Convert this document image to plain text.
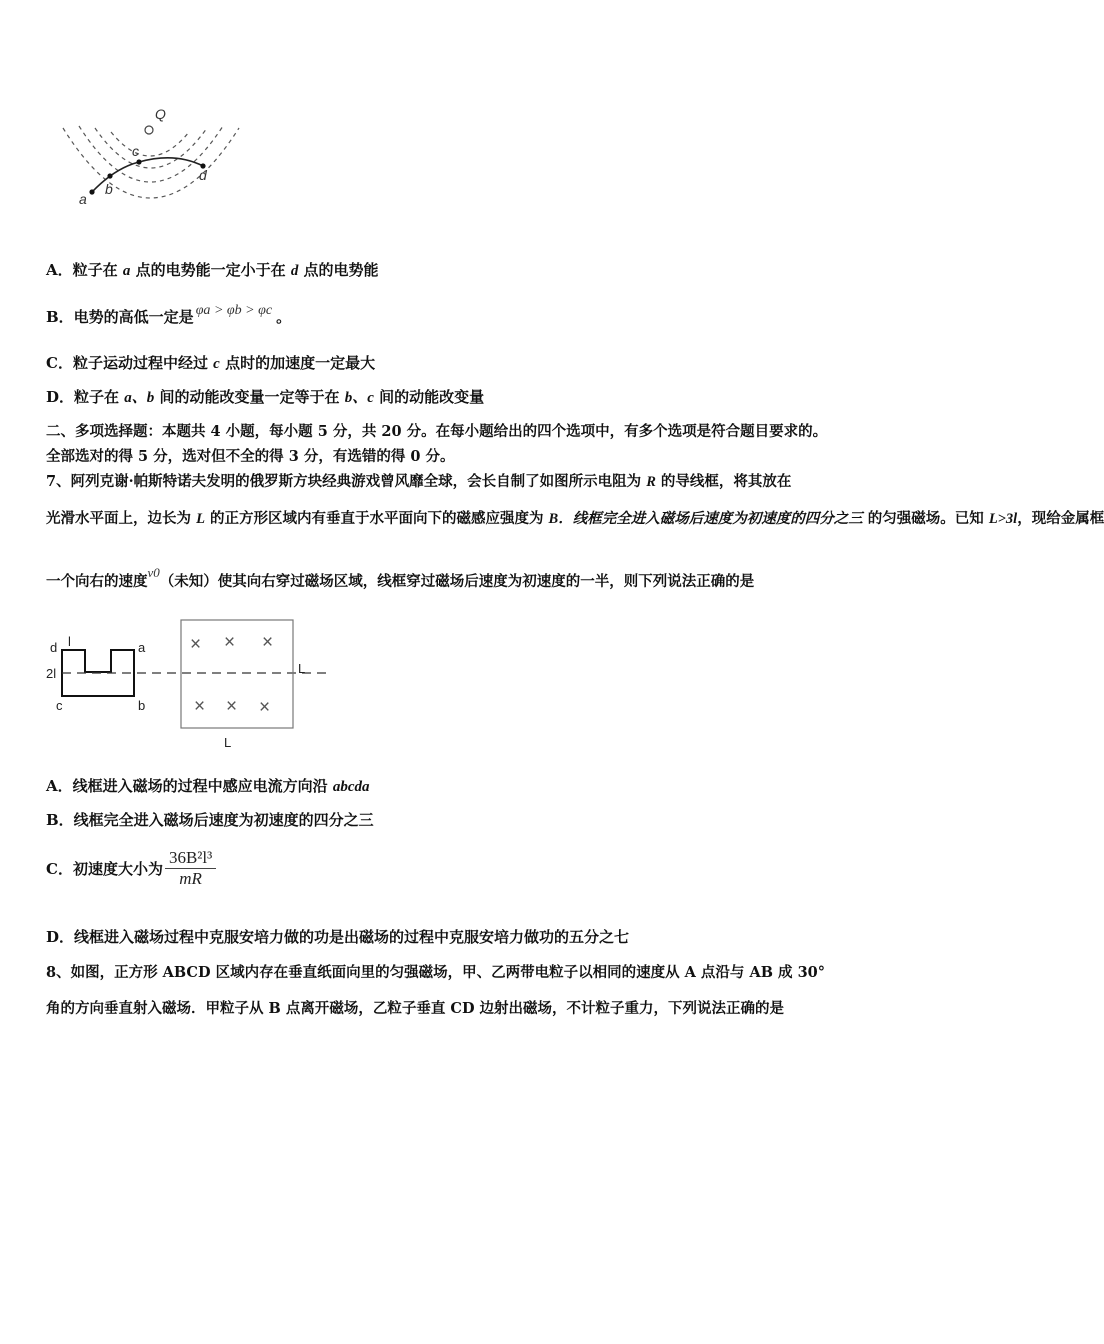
Q
a
b
c
d
A．粒子在 a 点的电势能一定小于在 d 点的电势能
B．电势的高低一定是 φa > φb > φc 。
C．粒子运动过程中经过 c 点时的加速度一定最大
D．粒子在 a、b 间的动能改变量一定等于在 b、c 间的动能改变量
二、多项选择题：本题共 4 小题，每小题 5 分，共 20 分。在每小题给出的四个选项中，有多个选项是符合题目要求的。
全部选对的得 5 分，选对但不全的得 3 分，有选错的得 0 分。
7、阿列克谢·帕斯特诺夫发明的俄罗斯方块经典游戏曾风靡全球，会长自制了如图所示电阻为 R 的导线框，将其放在
光滑水平面上，边长为 L 的正方形区域内有垂直于水平面向下的磁感应强度为 B．线框完全进入磁场后速度为初速度的四分之三 的匀强磁场。已知 L>3l，现给金属框
一个向右的速度v0（未知）使其向右穿过磁场区域，线框穿过磁场后速度为初速度的一半，则下列说法正确的是
× × ×
× × ×
l
d	a
2l
c	b
L
L
A．线框进入磁场的过程中感应电流方向沿 abcda
B．线框完全进入磁场后速度为初速度的四分之三
C．初速度大小为 $\frac{\text{36B²l³}}{mR}$
D．线框进入磁场过程中克服安培力做的功是出磁场的过程中克服安培力做功的五分之七
8、如图，正方形 ABCD 区域内存在垂直纸面向里的匀强磁场，甲、乙两带电粒子以相同的速度从 A 点沿与 AB 成 30°
角的方向垂直射入磁场．甲粒子从 B 点离开磁场，乙粒子垂直 CD 边射出磁场，不计粒子重力，下列说法正确的是
